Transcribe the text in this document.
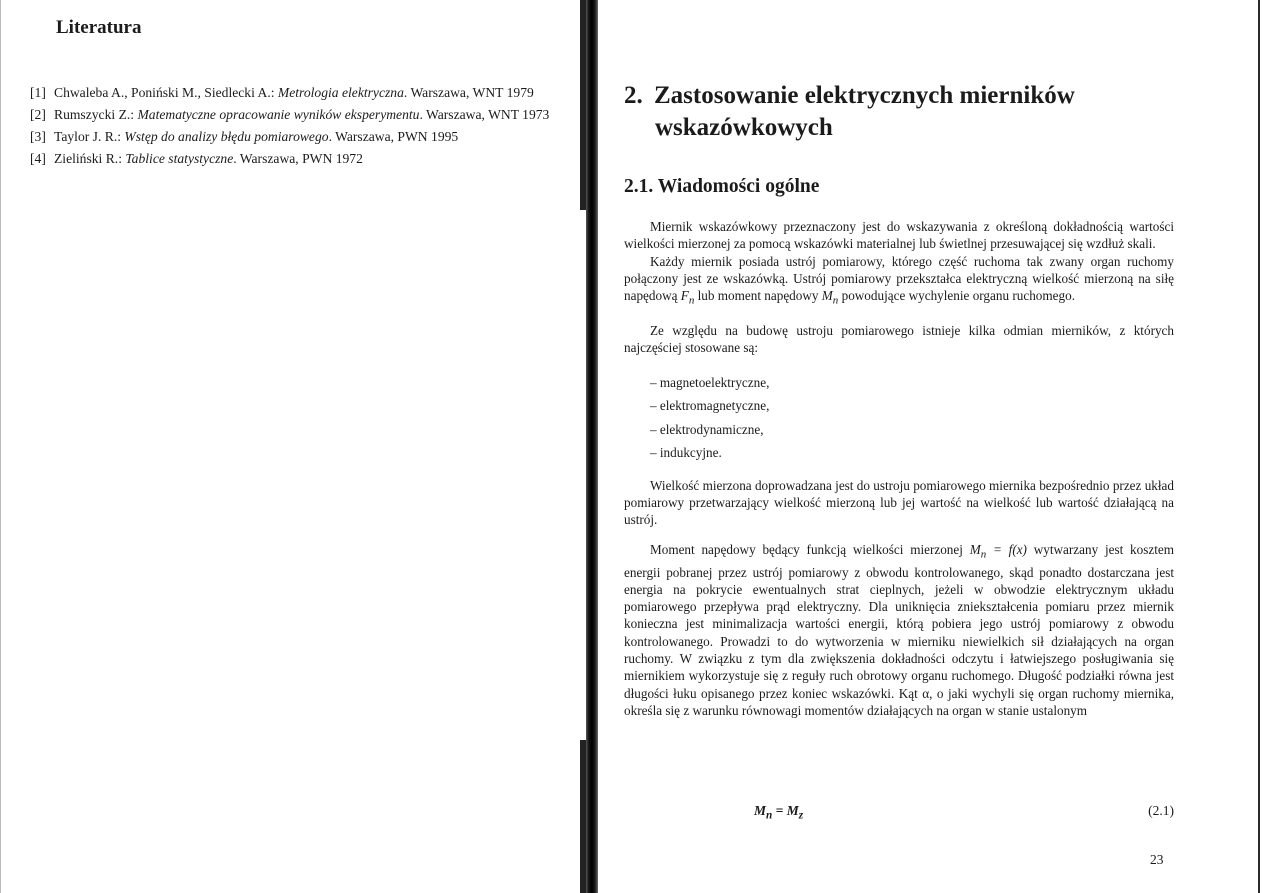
Literatura
[1] Chwaleba A., Poniński M., Siedlecki A.: Metrologia elektryczna. Warszawa, WNT 1979
[2] Rumszycki Z.: Matematyczne opracowanie wyników eksperymentu. Warszawa, WNT 1973
[3] Taylor J. R.: Wstęp do analizy błędu pomiarowego. Warszawa, PWN 1995
[4] Zieliński R.: Tablice statystyczne. Warszawa, PWN 1972
2. Zastosowanie elektrycznych mierników
wskazówkowych
2.1. Wiadomości ogólne

Miernik wskazówkowy przeznaczony jest do wskazywania z określoną dokładnością wartości wielkości mierzonej za pomocą wskazówki materialnej lub świetlnej przesuwającej się wzdłuż skali.

Każdy miernik posiada ustrój pomiarowy, którego część ruchoma tak zwany organ ruchomy połączony jest ze wskazówką. Ustrój pomiarowy przekształca elektryczną wielkość mierzoną na siłę napędową $F_n$ lub moment napędowy $M_n$ powodujące wychylenie organu ruchomego.

Ze względu na budowę ustroju pomiarowego istnieje kilka odmian mierników, z których najczęściej stosowane są:

– magnetoelektryczne,
– elektromagnetyczne,
– elektrodynamiczne,
– indukcyjne.

Wielkość mierzona doprowadzana jest do ustroju pomiarowego miernika bezpośrednio przez układ pomiarowy przetwarzający wielkość mierzoną lub jej wartość na wielkość lub wartość działającą na ustrój.

Moment napędowy będący funkcją wielkości mierzonej $M_n = f(x)$ wytwarzany jest kosztem energii pobranej przez ustrój pomiarowy z obwodu kontrolowanego, skąd ponadto dostarczana jest energia na pokrycie ewentualnych strat cieplnych, jeżeli w obwodzie elektrycznym układu pomiarowego przepływa prąd elektryczny. Dla uniknięcia zniekształcenia pomiaru przez miernik konieczna jest minimalizacja wartości energii, którą pobiera jego ustrój pomiarowy z obwodu kontrolowanego. Prowadzi to do wytworzenia w mierniku niewielkich sił działających na organ ruchomy. W związku z tym dla zwiększenia dokładności odczytu i łatwiejszego posługiwania się miernikiem wykorzystuje się z reguły ruch obrotowy organu ruchomego. Długość podziałki równa jest długości łuku opisanego przez koniec wskazówki. Kąt α, o jaki wychyli się organ ruchomy miernika, określa się z warunku równowagi momentów działających na organ w stanie ustalonym

$M_n = M_z$	(2.1)
23
